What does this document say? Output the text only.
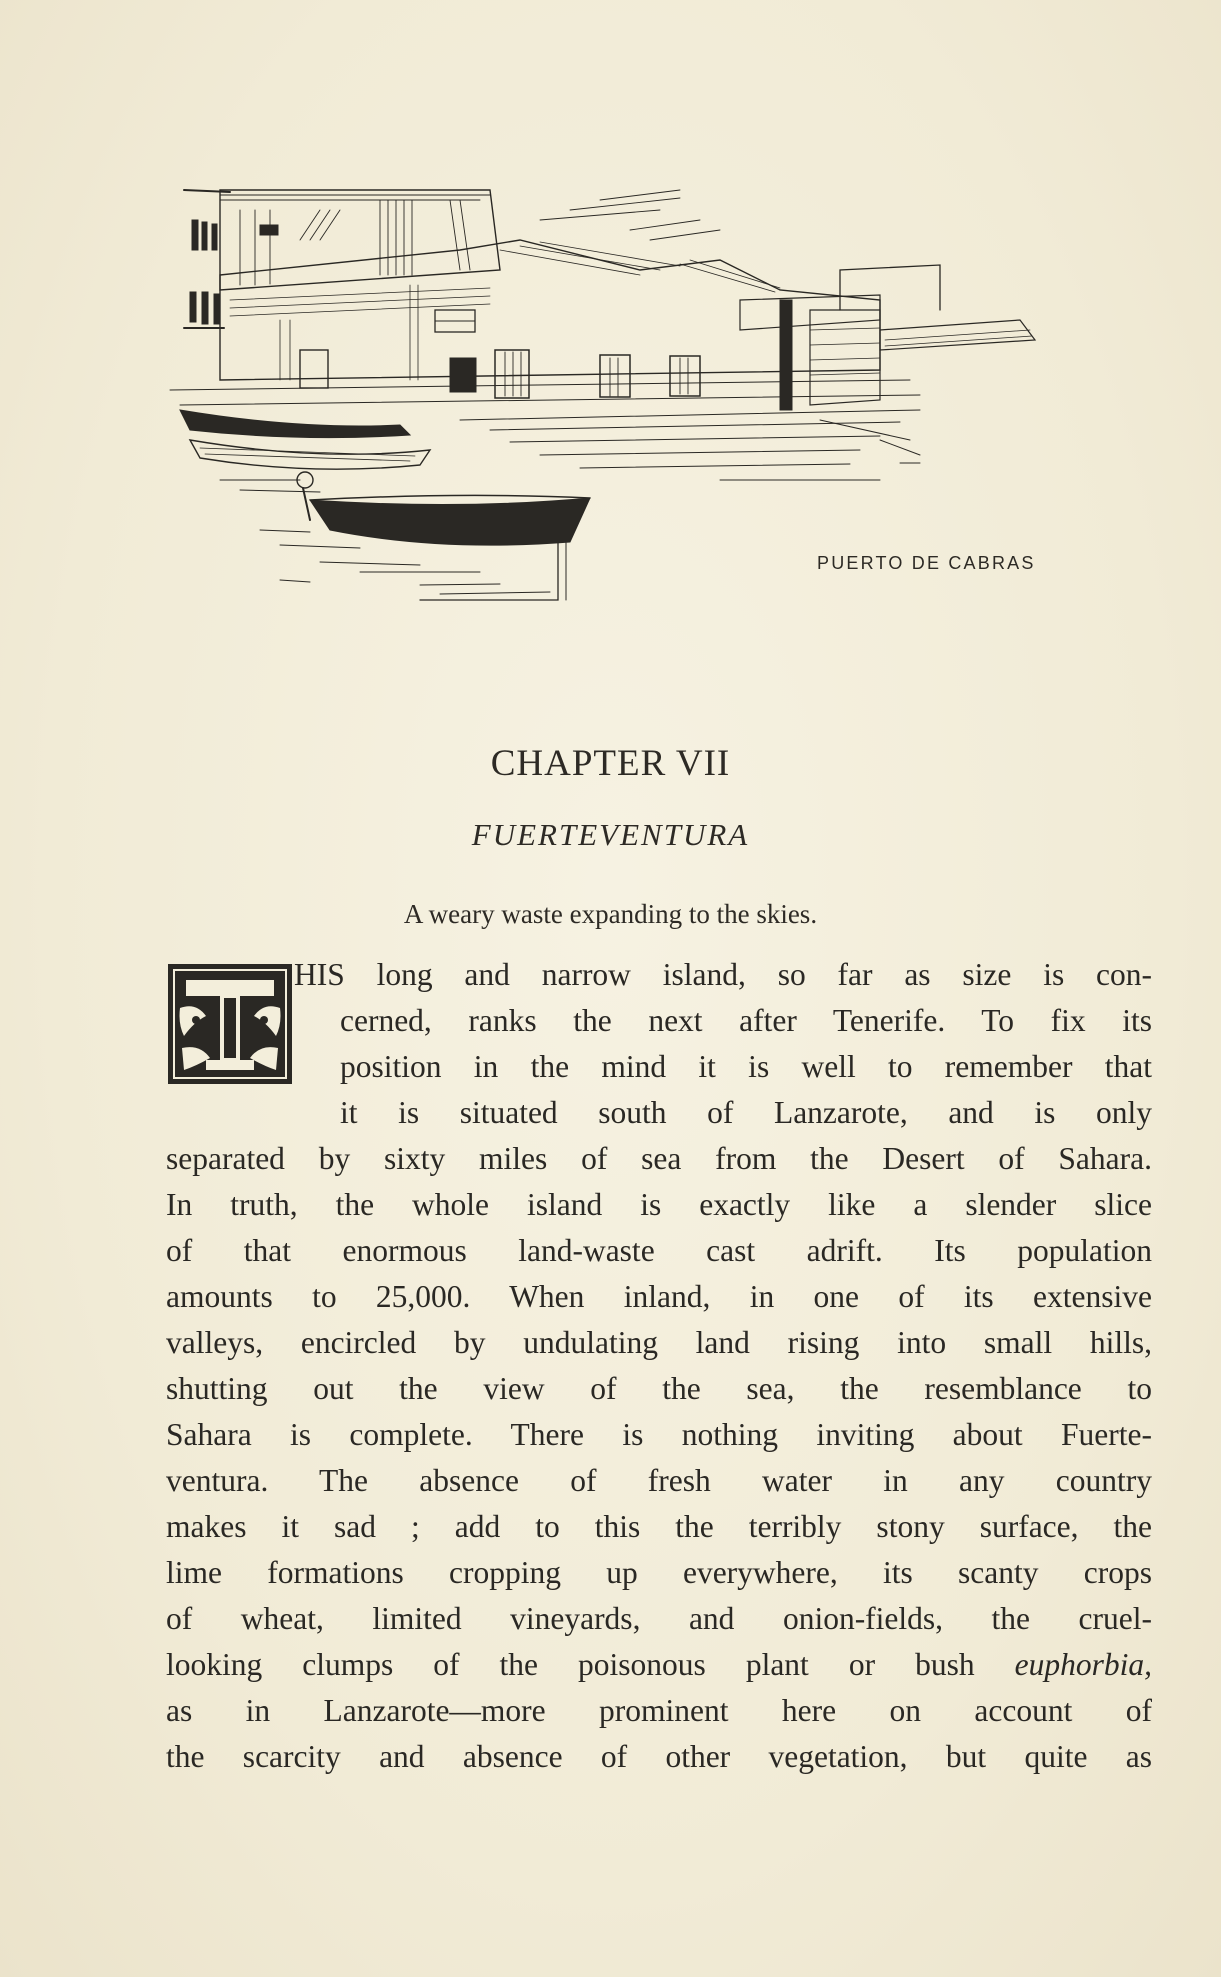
PUERTO DE CABRAS
CHAPTER VII
FUERTEVENTURA
A weary waste expanding to the skies.
HIS long and narrow island, so far as size is con-
cerned, ranks the next after Tenerife. To fix its
position in the mind it is well to remember that
it is situated south of Lanzarote, and is only
separated by sixty miles of sea from the Desert of Sahara.
In truth, the whole island is exactly like a slender slice
of that enormous land-waste cast adrift. Its population
amounts to 25,000. When inland, in one of its extensive
valleys, encircled by undulating land rising into small hills,
shutting out the view of the sea, the resemblance to
Sahara is complete. There is nothing inviting about Fuerte-
ventura. The absence of fresh water in any country
makes it sad ; add to this the terribly stony surface, the
lime formations cropping up everywhere, its scanty crops
of wheat, limited vineyards, and onion-fields, the cruel-
looking clumps of the poisonous plant or bush euphorbia,
as in Lanzarote—more prominent here on account of
the scarcity and absence of other vegetation, but quite as
